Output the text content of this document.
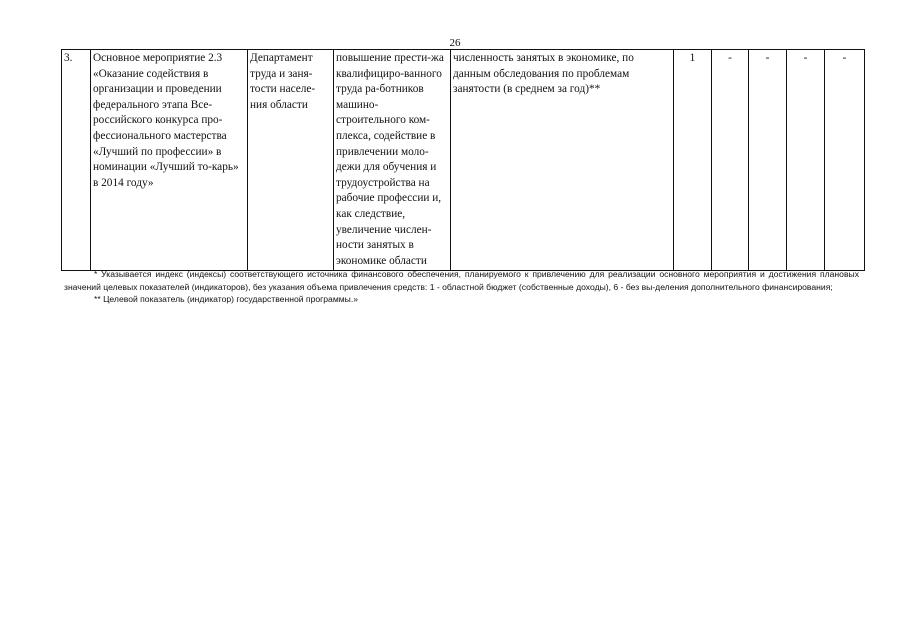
26
3.	Основное мероприятие 2.3 «Оказание содействия в организации и проведении федерального этапа Все-российского конкурса про-фессионального мастерства «Лучший по профессии» в номинации «Лучший то-карь» в 2014 году»	Департамент труда и заня-тости населе-ния области	повышение прести-жа квалифициро-ванного труда ра-ботников машино-строительного ком-плекса, содействие в привлечении моло-дежи для обучения и трудоустройства на рабочие профессии и, как следствие, увеличение числен-ности занятых в экономике области	численность занятых в экономике, по данным обследования по проблемам занятости (в среднем за год)**	1	-	-	-	-

* Указывается индекс (индексы) соответствующего источника финансового обеспечения, планируемого к привлечению для реализации основного мероприятия и достижения плановых значений целевых показателей (индикаторов), без указания объема привлечения средств: 1 - областной бюджет (собственные доходы), 6 - без вы-деления дополнительного финансирования;

** Целевой показатель (индикатор) государственной программы.»
